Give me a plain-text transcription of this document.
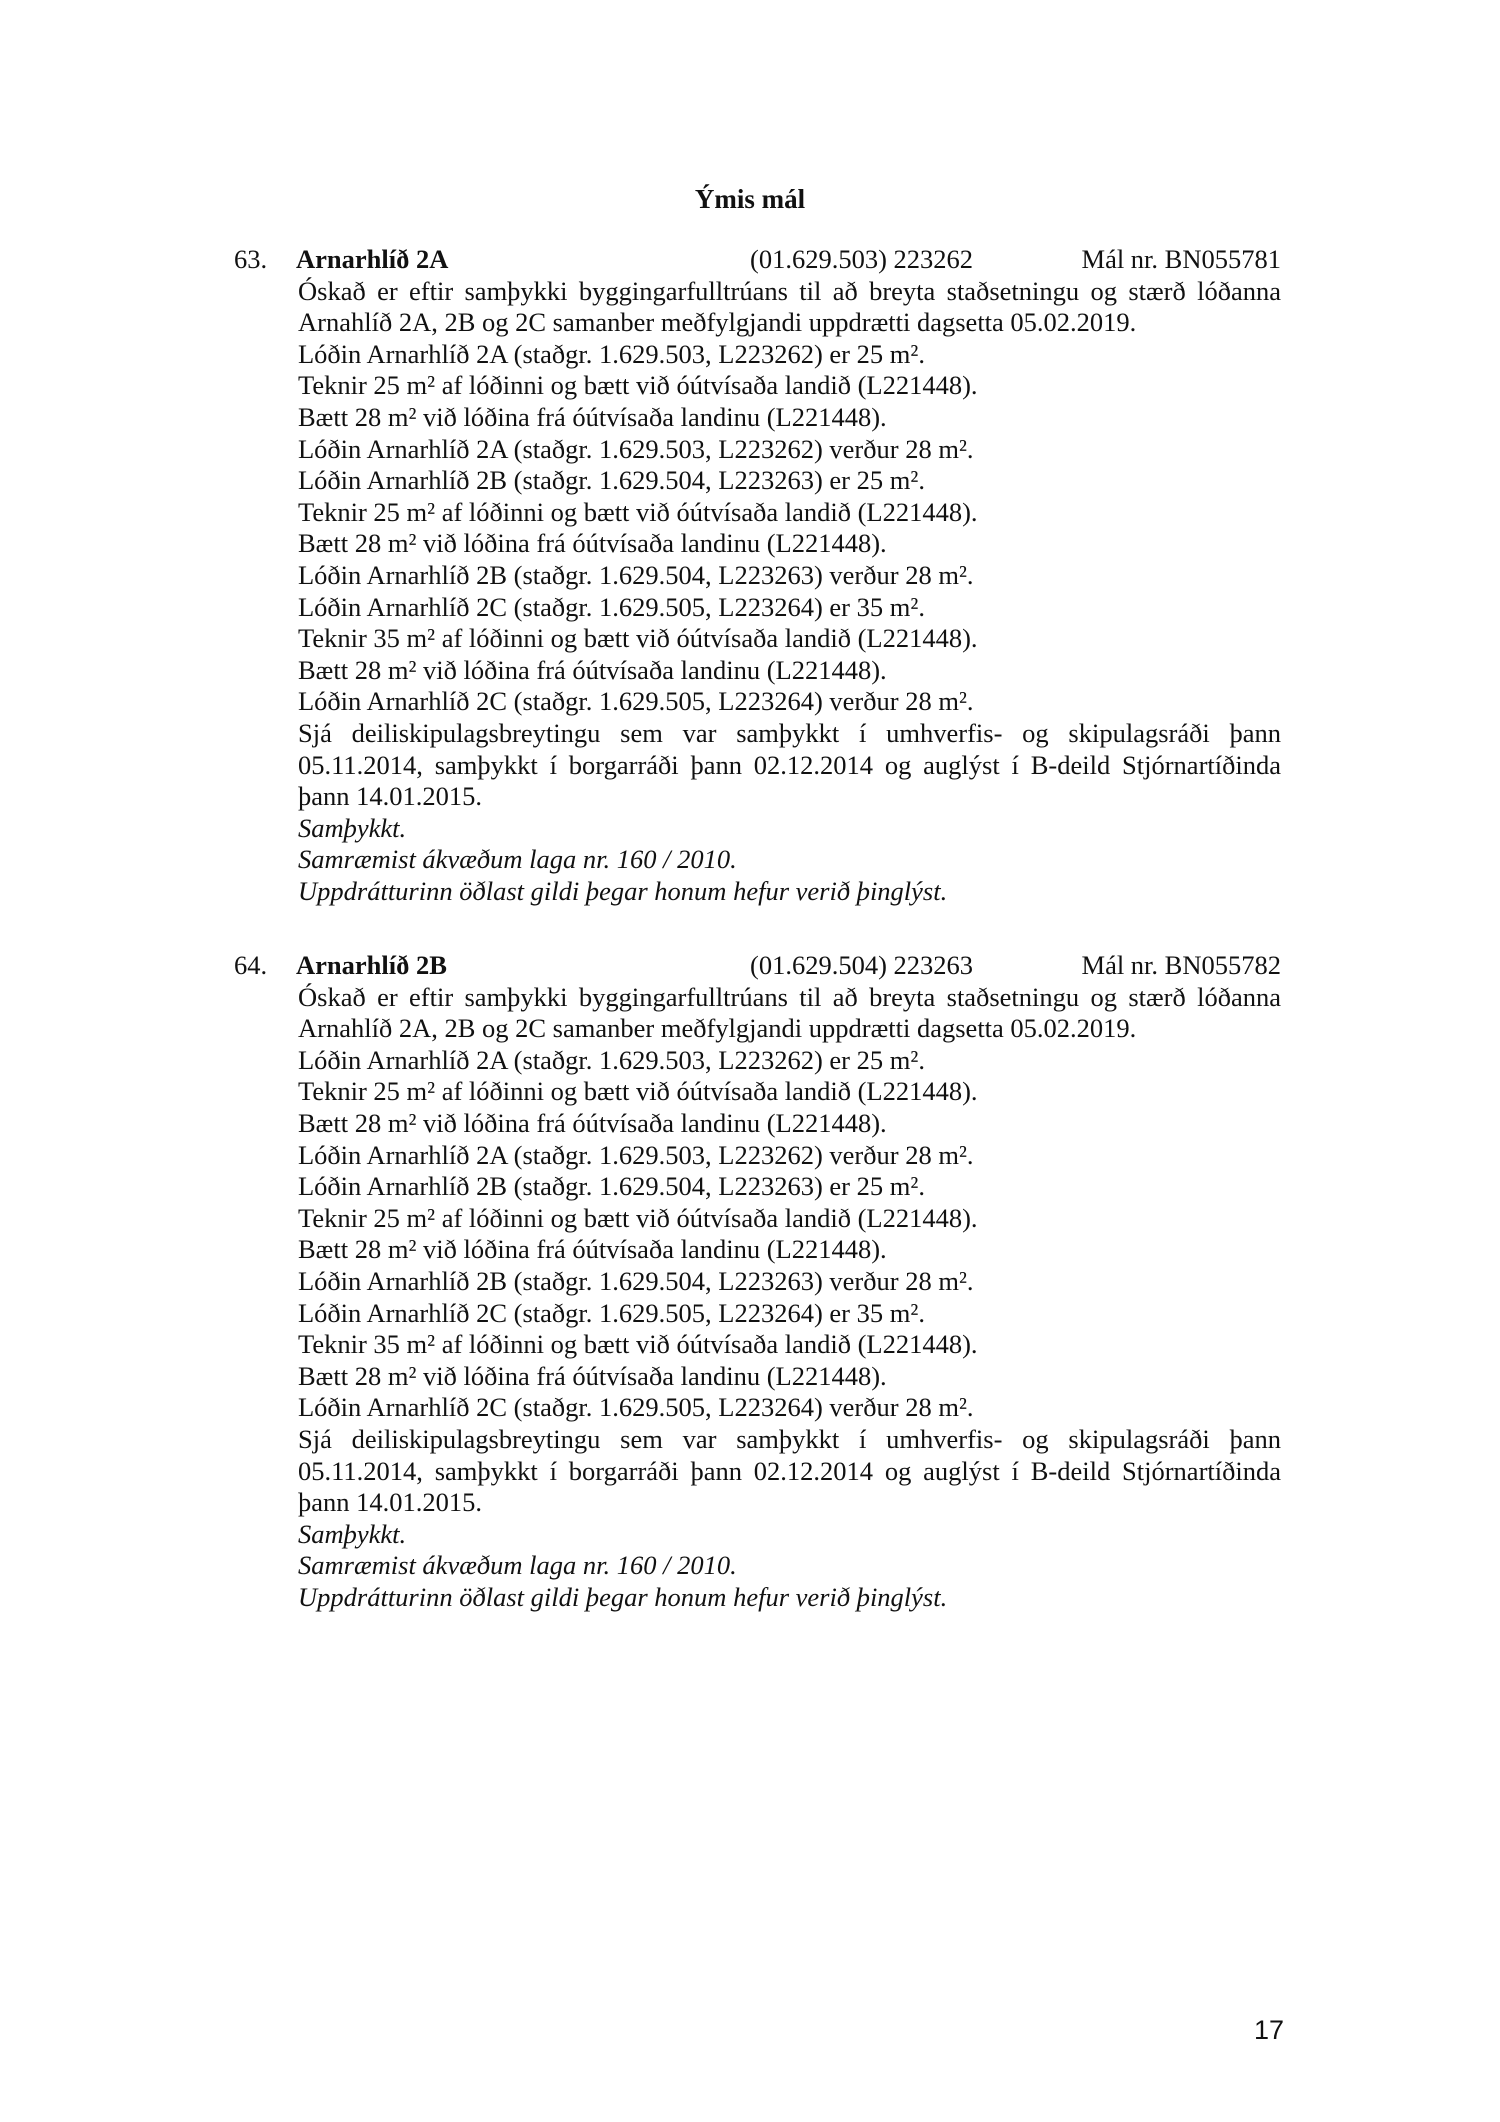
Ýmis mál
63. Arnarhlíð 2A	(01.629.503) 223262	Mál nr. BN055781
Óskað er eftir samþykki byggingarfulltrúans til að breyta staðsetningu og stærð lóðanna Arnahlíð 2A, 2B og 2C samanber meðfylgjandi uppdrætti dagsetta 05.02.2019.
Lóðin Arnarhlíð 2A (staðgr. 1.629.503, L223262) er 25 m².
Teknir 25 m² af lóðinni og bætt við óútvísaða landið (L221448).
Bætt 28 m² við lóðina frá óútvísaða landinu (L221448).
Lóðin Arnarhlíð 2A (staðgr. 1.629.503, L223262) verður 28 m².
Lóðin Arnarhlíð 2B (staðgr. 1.629.504, L223263) er 25 m².
Teknir 25 m² af lóðinni og bætt við óútvísaða landið (L221448).
Bætt 28 m² við lóðina frá óútvísaða landinu (L221448).
Lóðin Arnarhlíð 2B (staðgr. 1.629.504, L223263) verður 28 m².
Lóðin Arnarhlíð 2C (staðgr. 1.629.505, L223264) er 35 m².
Teknir 35 m² af lóðinni og bætt við óútvísaða landið (L221448).
Bætt 28 m² við lóðina frá óútvísaða landinu (L221448).
Lóðin Arnarhlíð 2C (staðgr. 1.629.505, L223264) verður 28 m².
Sjá deiliskipulagsbreytingu sem var samþykkt í umhverfis- og skipulagsráði þann 05.11.2014, samþykkt í borgarráði þann 02.12.2014 og auglýst í B-deild Stjórnartíðinda þann 14.01.2015.
Samþykkt.
Samræmist ákvæðum laga nr. 160 / 2010.
Uppdrátturinn öðlast gildi þegar honum hefur verið þinglýst.
64. Arnarhlíð 2B	(01.629.504) 223263	Mál nr. BN055782
Óskað er eftir samþykki byggingarfulltrúans til að breyta staðsetningu og stærð lóðanna Arnahlíð 2A, 2B og 2C samanber meðfylgjandi uppdrætti dagsetta 05.02.2019.
Lóðin Arnarhlíð 2A (staðgr. 1.629.503, L223262) er 25 m².
Teknir 25 m² af lóðinni og bætt við óútvísaða landið (L221448).
Bætt 28 m² við lóðina frá óútvísaða landinu (L221448).
Lóðin Arnarhlíð 2A (staðgr. 1.629.503, L223262) verður 28 m².
Lóðin Arnarhlíð 2B (staðgr. 1.629.504, L223263) er 25 m².
Teknir 25 m² af lóðinni og bætt við óútvísaða landið (L221448).
Bætt 28 m² við lóðina frá óútvísaða landinu (L221448).
Lóðin Arnarhlíð 2B (staðgr. 1.629.504, L223263) verður 28 m².
Lóðin Arnarhlíð 2C (staðgr. 1.629.505, L223264) er 35 m².
Teknir 35 m² af lóðinni og bætt við óútvísaða landið (L221448).
Bætt 28 m² við lóðina frá óútvísaða landinu (L221448).
Lóðin Arnarhlíð 2C (staðgr. 1.629.505, L223264) verður 28 m².
Sjá deiliskipulagsbreytingu sem var samþykkt í umhverfis- og skipulagsráði þann 05.11.2014, samþykkt í borgarráði þann 02.12.2014 og auglýst í B-deild Stjórnartíðinda þann 14.01.2015.
Samþykkt.
Samræmist ákvæðum laga nr. 160 / 2010.
Uppdrátturinn öðlast gildi þegar honum hefur verið þinglýst.
17
